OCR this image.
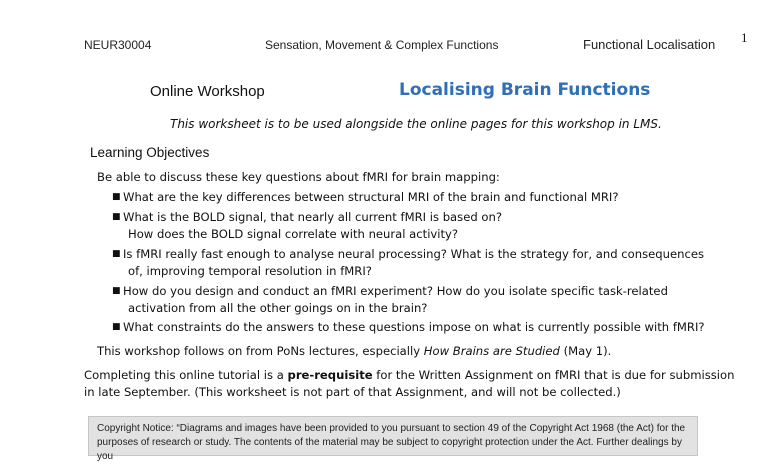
NEUR30004	Sensation, Movement & Complex Functions	Functional Localisation 1
Online Workshop	Localising Brain Functions
This worksheet is to be used alongside the online pages for this workshop in LMS.
Learning Objectives
Be able to discuss these key questions about fMRI for brain mapping:
■ What are the key differences between structural MRI of the brain and functional MRI?
■ What is the BOLD signal, that nearly all current fMRI is based on?
How does the BOLD signal correlate with neural activity?
■ Is fMRI really fast enough to analyse neural processing? What is the strategy for, and consequences
of, improving temporal resolution in fMRI?
■ How do you design and conduct an fMRI experiment? How do you isolate specific task-related
activation from all the other goings on in the brain?
■ What constraints do the answers to these questions impose on what is currently possible with fMRI?
This workshop follows on from PoNs lectures, especially How Brains are Studied (May 1).
Completing this online tutorial is a pre-requisite for the Written Assignment on fMRI that is due for submission
in late September. (This worksheet is not part of that Assignment, and will not be collected.)
Copyright Notice: “Diagrams and images have been provided to you pursuant to section 49 of the Copyright Act 1968 (the Act) for the
purposes of research or study. The contents of the material may be subject to copyright protection under the Act. Further dealings by you
